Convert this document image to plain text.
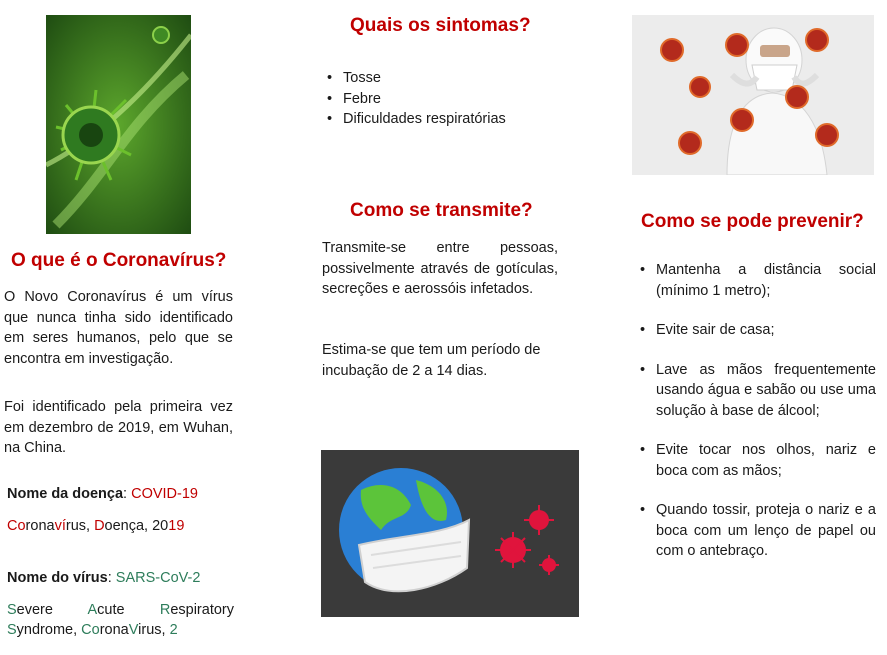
O que é o Coronavírus?

O Novo Coronavírus é um vírus que nunca tinha sido identificado em seres humanos, pelo que se encontra em investigação.

Foi identificado pela primeira vez em dezembro de 2019, em Wuhan, na China.

Nome da doença: COVID-19
Coronavírus, Doença, 2019
Nome do vírus: SARS-CoV-2
Severe Acute Respiratory
Syndrome, CoronaVirus, 2
Quais os sintomas?
• Tosse
• Febre
• Dificuldades respiratórias
Como se transmite?

Transmite-se entre pessoas, possivelmente através de gotículas, secreções e aerossóis infetados.

Estima-se que tem um período de incubação de 2 a 14 dias.

Como se pode prevenir?
• Mantenha a distância social (mínimo 1 metro);
• Evite sair de casa;
• Lave as mãos frequentemente usando água e sabão ou use uma solução à base de álcool;
• Evite tocar nos olhos, nariz e boca com as mãos;
• Quando tossir, proteja o nariz e a boca com um lenço de papel ou com o antebraço.
